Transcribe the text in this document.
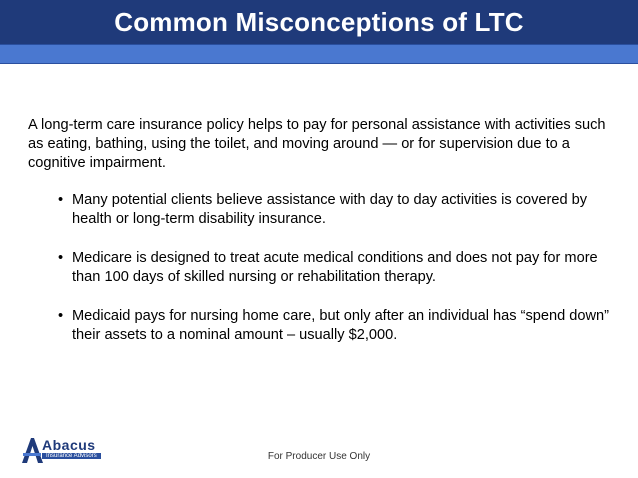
Common Misconceptions of LTC

A long-term care insurance policy helps to pay for personal assistance with activities such as eating, bathing, using the toilet, and moving around — or for supervision due to a cognitive impairment.

• Many potential clients believe assistance with day to day activities is covered by health or long-term disability insurance.
• Medicare is designed to treat acute medical conditions and does not pay for more than 100 days of skilled nursing or rehabilitation therapy.
• Medicaid pays for nursing home care, but only after an individual has “spend down” their assets to a nominal amount – usually $2,000.
Abacus
Insurance Advisors	For Producer Use Only
